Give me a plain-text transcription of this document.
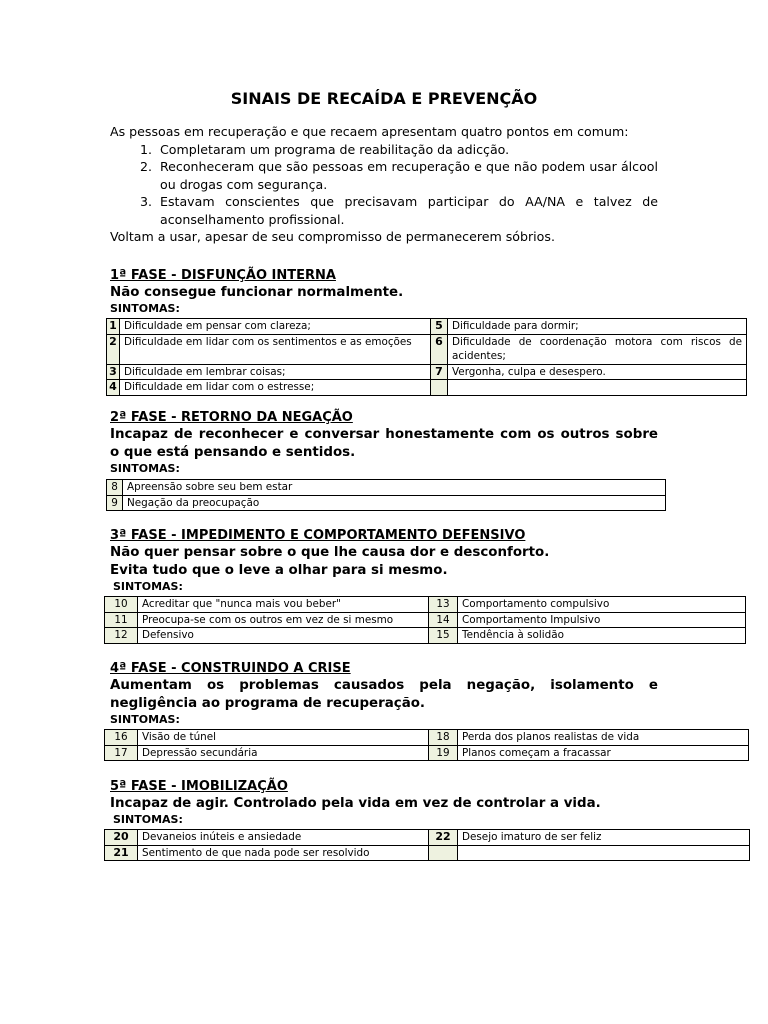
SINAIS DE RECAÍDA E PREVENÇÃO

As pessoas em recuperação e que recaem apresentam quatro pontos em comum:

1. Completaram um programa de reabilitação da adicção.
2. Reconheceram que são pessoas em recuperação e que não podem usar álcool ou drogas com segurança.
3. Estavam conscientes que precisavam participar do AA/NA e talvez de aconselhamento profissional.

Voltam a usar, apesar de seu compromisso de permanecerem sóbrios.

1ª FASE - DISFUNÇÃO INTERNA
Não consegue funcionar normalmente.
SINTOMAS:
1	Dificuldade em pensar com clareza;	5	Dificuldade para dormir;
2	Dificuldade em lidar com os sentimentos e as emoções	6	Dificuldade de coordenação motora com riscos de acidentes;
3	Dificuldade em lembrar coisas;	7	Vergonha, culpa e desespero.
4	Dificuldade em lidar com o estresse;		
2ª FASE - RETORNO DA NEGAÇÃO
Incapaz de reconhecer e conversar honestamente com os outros sobre o que está pensando e sentidos.
SINTOMAS:
8	Apreensão sobre seu bem estar
9	Negação da preocupação
3ª FASE - IMPEDIMENTO E COMPORTAMENTO DEFENSIVO
Não quer pensar sobre o que lhe causa dor e desconforto.
Evita tudo que o leve a olhar para si mesmo.
SINTOMAS:
10	Acreditar que "nunca mais vou beber"	13	Comportamento compulsivo
11	Preocupa-se com os outros em vez de si mesmo	14	Comportamento Impulsivo
12	Defensivo	15	Tendência à solidão
4ª FASE - CONSTRUINDO A CRISE
Aumentam os problemas causados pela negação, isolamento e negligência ao programa de recuperação.
SINTOMAS:
16	Visão de túnel	18	Perda dos planos realistas de vida
17	Depressão secundária	19	Planos começam a fracassar
5ª FASE - IMOBILIZAÇÃO
Incapaz de agir. Controlado pela vida em vez de controlar a vida.
SINTOMAS:
20	Devaneios inúteis e ansiedade	22	Desejo imaturo de ser feliz
21	Sentimento de que nada pode ser resolvido		
